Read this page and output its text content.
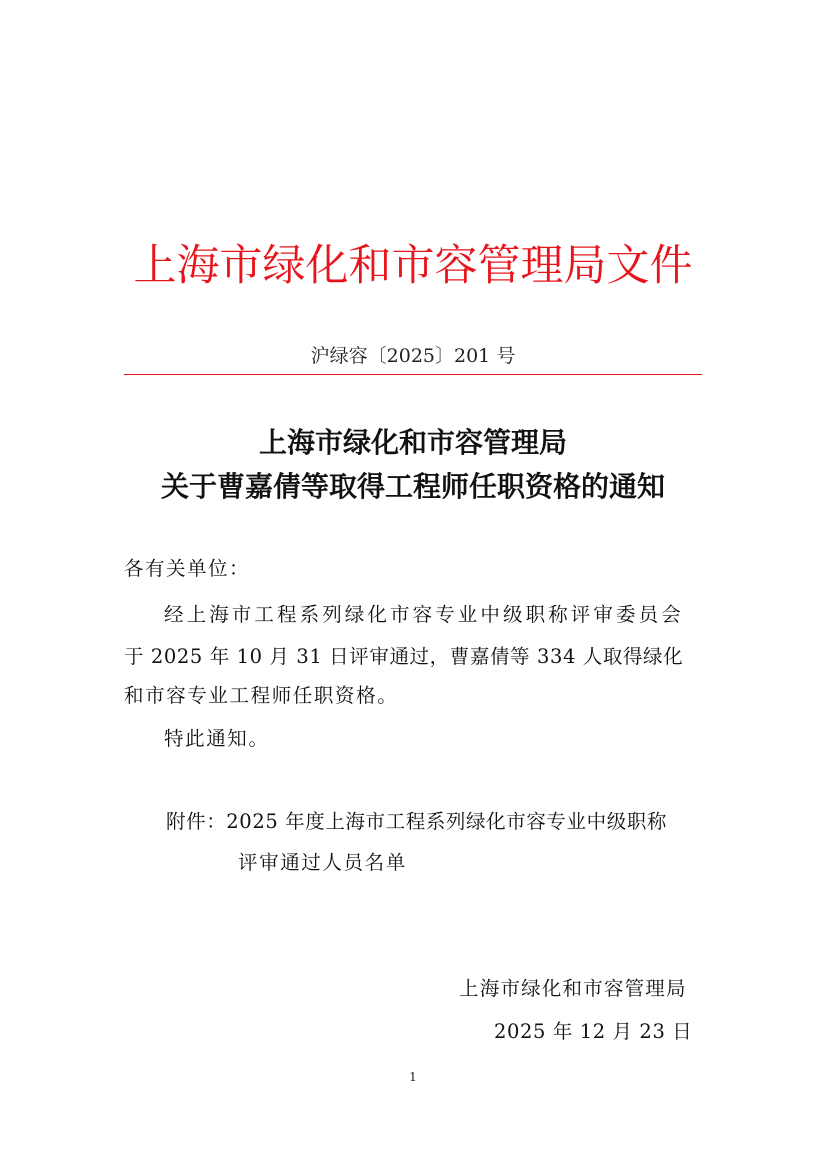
上海市绿化和市容管理局文件
沪绿容〔2025〕201 号
上海市绿化和市容管理局
关于曹嘉倩等取得工程师任职资格的通知
各有关单位：
经上海市工程系列绿化市容专业中级职称评审委员会
于 2025 年 10 月 31 日评审通过，曹嘉倩等 334 人取得绿化
和市容专业工程师任职资格。
特此通知。
附件：2025 年度上海市工程系列绿化市容专业中级职称
评审通过人员名单
上海市绿化和市容管理局
2025 年 12 月 23 日
1
